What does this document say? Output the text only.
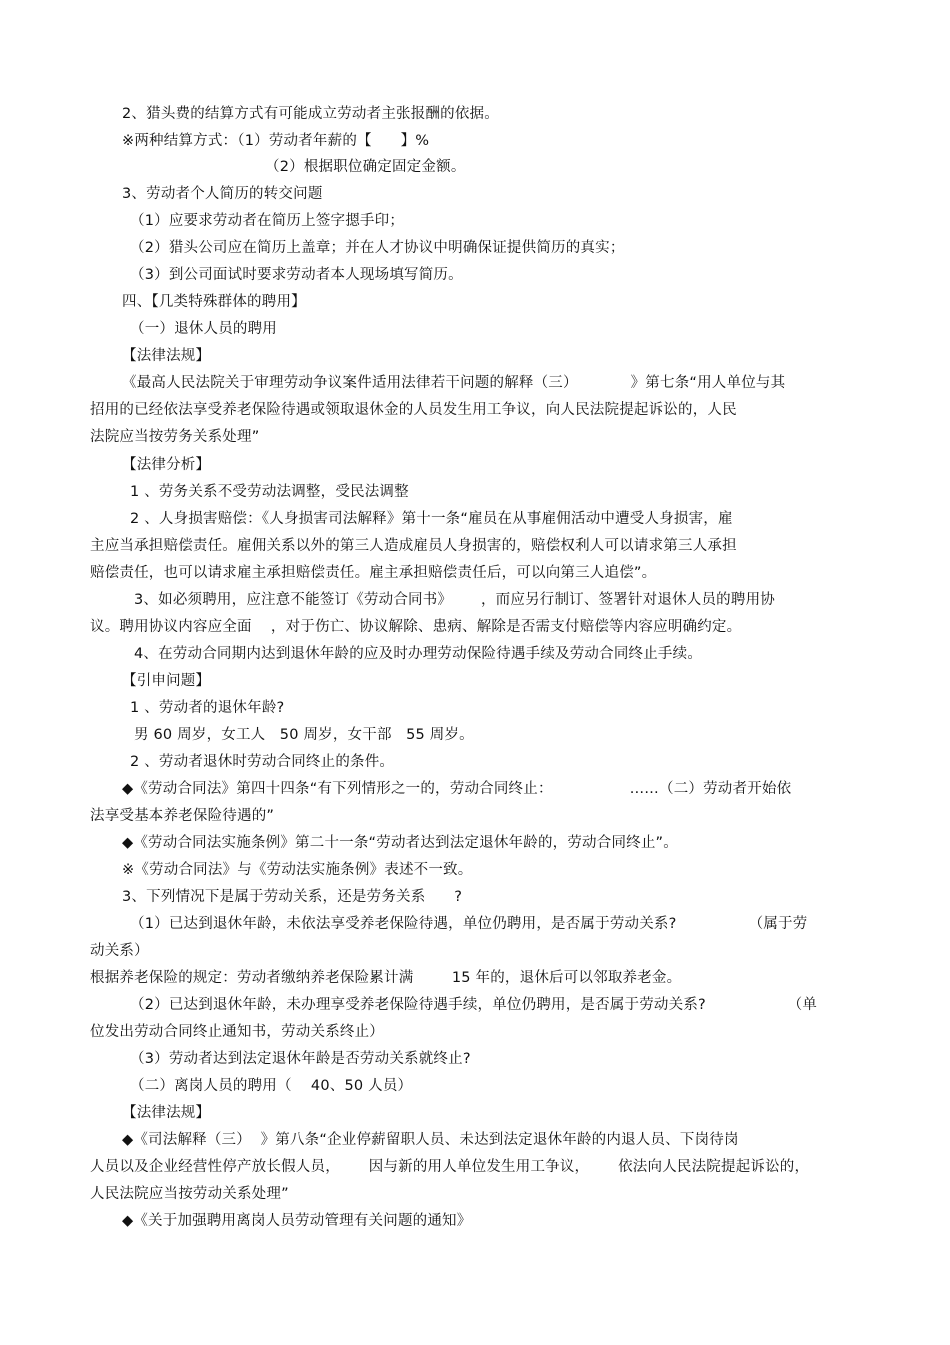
2、猎头费的结算方式有可能成立劳动者主张报酬的依据。
※两种结算方式：（1）劳动者年薪的【      】%
（2）根据职位确定固定金额。
3、劳动者个人简历的转交问题
（1）应要求劳动者在简历上签字摁手印；
（2）猎头公司应在简历上盖章；并在人才协议中明确保证提供简历的真实；
（3）到公司面试时要求劳动者本人现场填写简历。
四、【几类特殊群体的聘用】
（一）退休人员的聘用
【法律法规】
《最高人民法院关于审理劳动争议案件适用法律若干问题的解释（三）           》第七条“用人单位与其
招用的已经依法享受养老保险待遇或领取退休金的人员发生用工争议，向人民法院提起诉讼的，人民
法院应当按劳务关系处理”
【法律分析】
1 、劳务关系不受劳动法调整，受民法调整
2 、人身损害赔偿：《人身损害司法解释》第十一条“雇员在从事雇佣活动中遭受人身损害，雇
主应当承担赔偿责任。雇佣关系以外的第三人造成雇员人身损害的，赔偿权利人可以请求第三人承担
赔偿责任，也可以请求雇主承担赔偿责任。雇主承担赔偿责任后，可以向第三人追偿”。
3、如必须聘用，应注意不能签订《劳动合同书》      ，而应另行制订、签署针对退休人员的聘用协
议。聘用协议内容应全面    ，对于伤亡、协议解除、患病、解除是否需支付赔偿等内容应明确约定。
4、在劳动合同期内达到退休年龄的应及时办理劳动保险待遇手续及劳动合同终止手续。
【引申问题】
1 、劳动者的退休年龄?
男 60 周岁，女工人   50 周岁，女干部   55 周岁。
2 、劳动者退休时劳动合同终止的条件。
◆《劳动合同法》第四十四条“有下列情形之一的，劳动合同终止：                ……（二）劳动者开始依
法享受基本养老保险待遇的”
◆《劳动合同法实施条例》第二十一条“劳动者达到法定退休年龄的，劳动合同终止”。
※《劳动合同法》与《劳动法实施条例》表述不一致。
3、下列情况下是属于劳动关系，还是劳务关系      ?
（1）已达到退休年龄，未依法享受养老保险待遇，单位仍聘用，是否属于劳动关系?               （属于劳
动关系）
根据养老保险的规定：劳动者缴纳养老保险累计满        15 年的，退休后可以邻取养老金。
（2）已达到退休年龄，未办理享受养老保险待遇手续，单位仍聘用，是否属于劳动关系?                 （单
位发出劳动合同终止通知书，劳动关系终止）
（3）劳动者达到法定退休年龄是否劳动关系就终止?
（二）离岗人员的聘用（    40、50 人员）
【法律法规】
◆《司法解释（三）  》第八条“企业停薪留职人员、未达到法定退休年龄的内退人员、下岗待岗
人员以及企业经营性停产放长假人员，      因与新的用人单位发生用工争议，      依法向人民法院提起诉讼的，
人民法院应当按劳动关系处理”
◆《关于加强聘用离岗人员劳动管理有关问题的通知》
